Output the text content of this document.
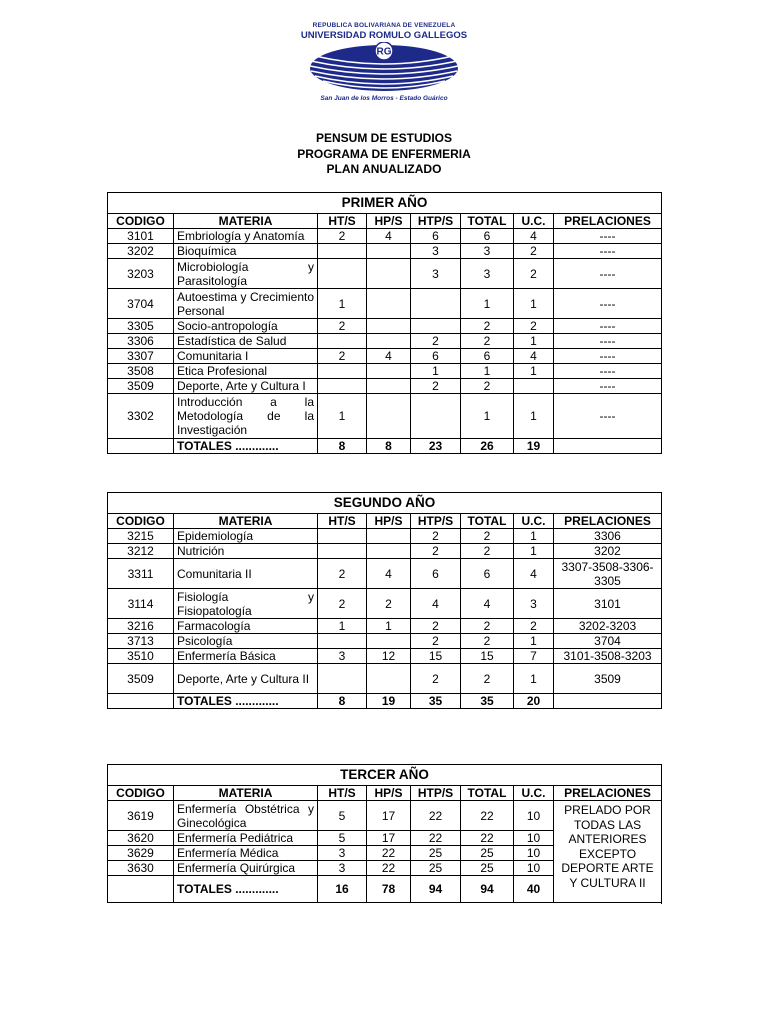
REPUBLICA BOLIVARIANA DE VENEZUELA
UNIVERSIDAD ROMULO GALLEGOS
RG
San Juan de los Morros - Estado Guárico
PENSUM DE ESTUDIOS
PROGRAMA DE ENFERMERIA
PLAN ANUALIZADO
PRIMER AÑO							
CODIGO	MATERIA	HT/S	HP/S	HTP/S	TOTAL	U.C.	PRELACIONES
3101	Embriología y Anatomía	2	4	6	6	4	----
3202	Bioquímica			3	3	2	----
3203	Microbiología y Parasitología			3	3	2	----
3704	Autoestima y Crecimiento Personal	1			1	1	----
3305	Socio-antropología	2			2	2	----
3306	Estadística de Salud			2	2	1	----
3307	Comunitaria I	2	4	6	6	4	----
3508	Etica Profesional			1	1	1	----
3509	Deporte, Arte y Cultura I			2	2		----
3302	Introducción a la Metodología de la Investigación	1			1	1	----
	TOTALES .............	8	8	23	26	19	
SEGUNDO AÑO							
CODIGO	MATERIA	HT/S	HP/S	HTP/S	TOTAL	U.C.	PRELACIONES
3215	Epidemiología			2	2	1	3306
3212	Nutrición			2	2	1	3202
3311	Comunitaria II	2	4	6	6	4	3307-3508-3306-3305
3114	Fisiología y Fisiopatología	2	2	4	4	3	3101
3216	Farmacología	1	1	2	2	2	3202-3203
3713	Psicología			2	2	1	3704
3510	Enfermería Básica	3	12	15	15	7	3101-3508-3203
3509	Deporte, Arte y Cultura II			2	2	1	3509
	TOTALES .............	8	19	35	35	20	
TERCER AÑO							
CODIGO	MATERIA	HT/S	HP/S	HTP/S	TOTAL	U.C.	PRELACIONES
3619	Enfermería Obstétrica y Ginecológica	5	17	22	22	10	PRELADO POR TODAS LAS ANTERIORES EXCEPTO DEPORTE ARTE Y CULTURA II
3620	Enfermería Pediátrica	5	17	22	22	10	
3629	Enfermería Médica	3	22	25	25	10	
3630	Enfermería Quirúrgica	3	22	25	25	10	
	TOTALES .............	16	78	94	94	40	
